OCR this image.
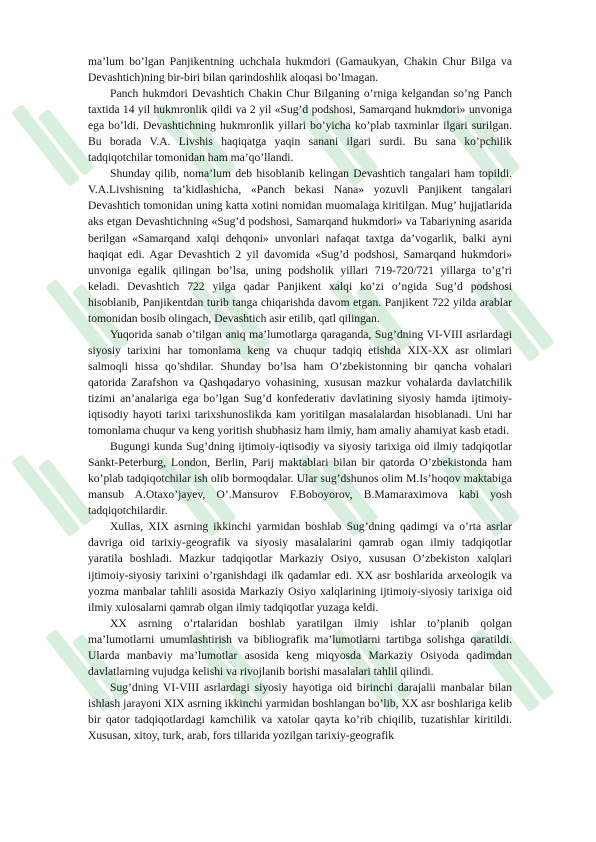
ma’lum bo’lgan Panjikentning uchchala hukmdori (Gamaukyan, Chakin Chur Bilga va Devashtich)ning bir-biri bilan qarindoshlik aloqasi bo’lmagan.

Panch hukmdori Devashtich Chakin Chur Bilganing o’rniga kelgandan so’ng Panch taxtida 14 yil hukmronlik qildi va 2 yil «Sug’d podshosi, Samarqand hukmdori» unvoniga ega bo’ldi. Devashtichning hukmronlik yillari bo’yicha ko’plab taxminlar ilgari surilgan. Bu borada V.A. Livshis haqiqatga yaqin sanani ilgari surdi. Bu sana ko’pchilik tadqiqotchilar tomonidan ham ma’qo’llandi.

Shunday qilib, noma’lum deb hisoblanib kelingan Devashtich tangalari ham topildi. V.A.Livshisning ta’kidlashicha, «Panch bekasi Nana» yozuvli Panjikent tangalari Devashtich tomonidan uning katta xotini nomidan muomalaga kiritilgan. Mug’ hujjatlarida aks etgan Devashtichning «Sug’d podshosi, Samarqand hukmdori» va Tabariyning asarida berilgan «Samarqand xalqi dehqoni» unvonlari nafaqat taxtga da’vogarlik, balki ayni haqiqat edi. Agar Devashtich 2 yil davomida «Sug’d podshosi, Samarqand hukmdori» unvoniga egalik qilingan bo’lsa, uning podsholik yillari 719-720/721 yillarga to’g’ri keladi. Devashtich 722 yilga qadar Panjikent xalqi ko’zi o’ngida Sug’d podshosi hisoblanib, Panjikentdan turib tanga chiqarishda davom etgan. Panjikent 722 yilda arablar tomonidan bosib olingach, Devashtich asir etilib, qatl qilingan.

Yuqorida sanab o’tilgan aniq ma’lumotlarga qaraganda, Sug’dning VI-VIII asrlardagi siyosiy tarixini har tomonlama keng va chuqur tadqiq etishda XIX-XX asr olimlari salmoqli hissa qo’shdilar. Shunday bo’lsa ham O’zbekistonning bir qancha vohalari qatorida Zarafshon va Qashqadaryo vohasining, xususan mazkur vohalarda davlatchilik tizimi an’analariga ega bo’lgan Sug’d konfederativ davlatining siyosiy hamda ijtimoiy-iqtisodiy hayoti tarixi tarixshunoslikda kam yoritilgan masalalardan hisoblanadi. Uni har tomonlama chuqur va keng yoritish shubhasiz ham ilmiy, ham amaliy ahamiyat kasb etadi.

Bugungi kunda Sug’dning ijtimoiy-iqtisodiy va siyosiy tarixiga oid ilmiy tadqiqotlar Sankt-Peterburg, London, Berlin, Parij maktablari bilan bir qatorda O’zbekistonda ham ko’plab tadqiqotchilar ish olib bormoqdalar. Ular sug’dshunos olim M.Is’hoqov maktabiga mansub A.Otaxo’jayev, O’.Mansurov F.Boboyorov, B.Mamaraximova kabi yosh tadqiqotchilardir.

Xullas, XIX asrning ikkinchi yarmidan boshlab Sug’dning qadimgi va o’rta asrlar davriga oid tarixiy-geografik va siyosiy masalalarini qamrab ogan ilmiy tadqiqotlar yaratila boshladi. Mazkur tadqiqotlar Markaziy Osiyo, xususan O’zbekiston xalqlari ijtimoiy-siyosiy tarixini o’rganishdagi ilk qadamlar edi. XX asr boshlarida arxeologik va yozma manbalar tahlili asosida Markaziy Osiyo xalqlarining ijtimoiy-siyosiy tarixiga oid ilmiy xulosalarni qamrab olgan ilmiy tadqiqotlar yuzaga keldi.

XX asrning o’rtalaridan boshlab yaratilgan ilmiy ishlar to’planib qolgan ma’lumotlarni umumlashtirish va bibliografik ma’lumotlarni tartibga solishga qaratildi. Ularda manbaviy ma’lumotlar asosida keng miqyosda Markaziy Osiyoda qadimdan davlatlarning vujudga kelishi va rivojlanib borishi masalalari tahlil qilindi.

Sug’dning VI-VIII asrlardagi siyosiy hayotiga oid birinchi darajalii manbalar bilan ishlash jarayoni XIX asrning ikkinchi yarmidan boshlangan bo’lib, XX asr boshlariga kelib bir qator tadqiqotlardagi kamchilik va xatolar qayta ko’rib chiqilib, tuzatishlar kiritildi. Xususan, xitoy, turk, arab, fors tillarida yozilgan tarixiy-geografik
